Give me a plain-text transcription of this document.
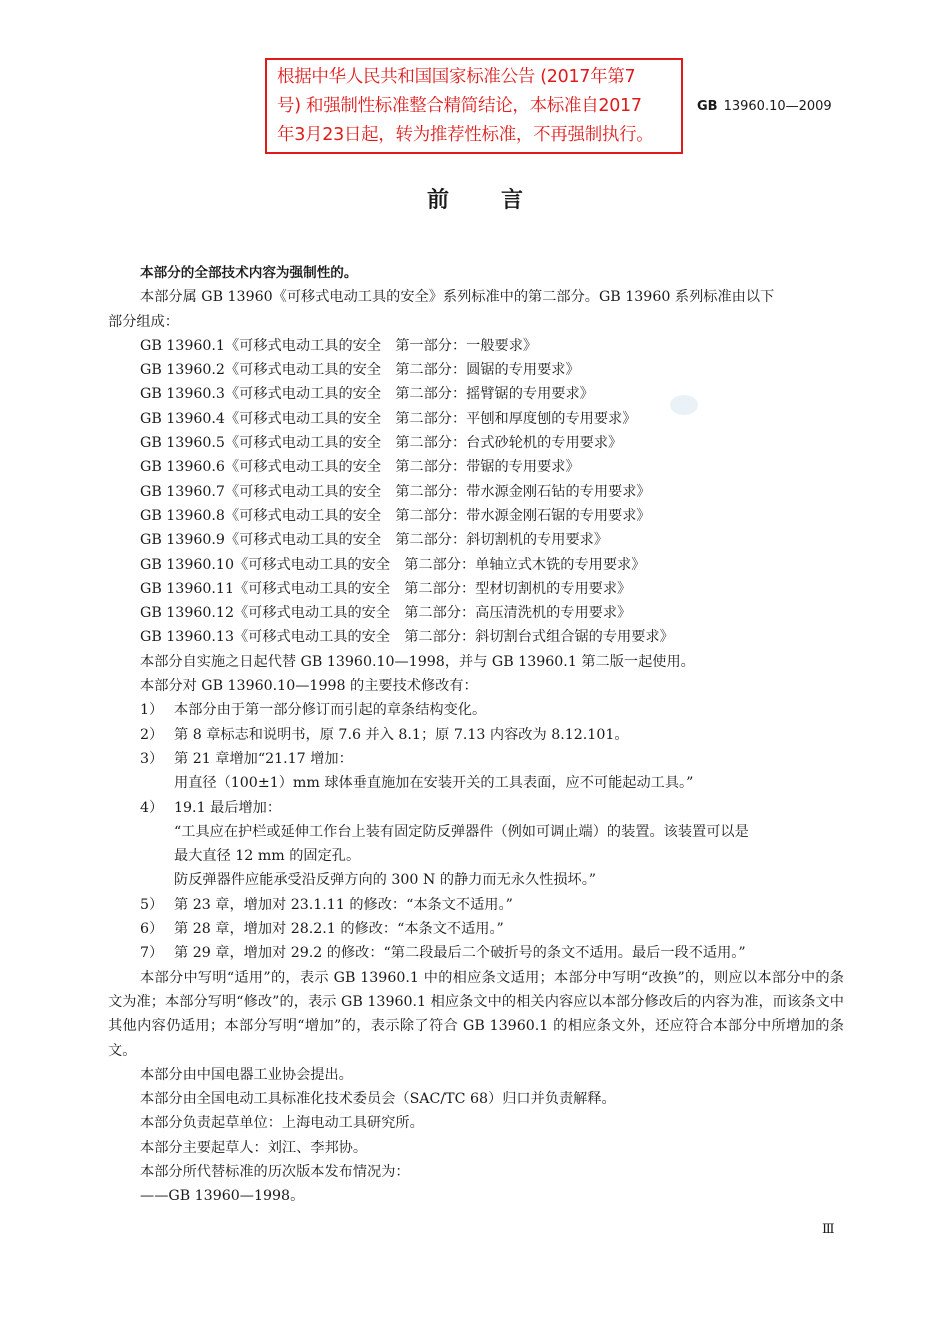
根据中华人民共和国国家标准公告 (2017年第7
号) 和强制性标准整合精简结论，本标准自2017
年3月23日起，转为推荐性标准，不再强制执行。
GB 13960.10—2009
前言
本部分的全部技术内容为强制性的。
本部分属 GB 13960《可移式电动工具的安全》系列标准中的第二部分。GB 13960 系列标准由以下
部分组成：
GB 13960.1《可移式电动工具的安全　第一部分：一般要求》
GB 13960.2《可移式电动工具的安全　第二部分：圆锯的专用要求》
GB 13960.3《可移式电动工具的安全　第二部分：摇臂锯的专用要求》
GB 13960.4《可移式电动工具的安全　第二部分：平刨和厚度刨的专用要求》
GB 13960.5《可移式电动工具的安全　第二部分：台式砂轮机的专用要求》
GB 13960.6《可移式电动工具的安全　第二部分：带锯的专用要求》
GB 13960.7《可移式电动工具的安全　第二部分：带水源金刚石钻的专用要求》
GB 13960.8《可移式电动工具的安全　第二部分：带水源金刚石锯的专用要求》
GB 13960.9《可移式电动工具的安全　第二部分：斜切割机的专用要求》
GB 13960.10《可移式电动工具的安全　第二部分：单轴立式木铣的专用要求》
GB 13960.11《可移式电动工具的安全　第二部分：型材切割机的专用要求》
GB 13960.12《可移式电动工具的安全　第二部分：高压清洗机的专用要求》
GB 13960.13《可移式电动工具的安全　第二部分：斜切割台式组合锯的专用要求》
本部分自实施之日起代替 GB 13960.10—1998，并与 GB 13960.1 第二版一起使用。
本部分对 GB 13960.10—1998 的主要技术修改有：
1） 本部分由于第一部分修订而引起的章条结构变化。
2） 第 8 章标志和说明书，原 7.6 并入 8.1；原 7.13 内容改为 8.12.101。
3） 第 21 章增加“21.17 增加：
用直径（100±1）mm 球体垂直施加在安装开关的工具表面，应不可能起动工具。”
4） 19.1 最后增加：
“工具应在护栏或延伸工作台上装有固定防反弹器件（例如可调止端）的装置。该装置可以是
最大直径 12 mm 的固定孔。
防反弹器件应能承受沿反弹方向的 300 N 的静力而无永久性损坏。”
5） 第 23 章，增加对 23.1.11 的修改：“本条文不适用。”
6） 第 28 章，增加对 28.2.1 的修改：“本条文不适用。”
7） 第 29 章，增加对 29.2 的修改：“第二段最后二个破折号的条文不适用。最后一段不适用。”
本部分中写明“适用”的，表示 GB 13960.1 中的相应条文适用；本部分中写明“改换”的，则应以本部分中的条文为准；本部分写明“修改”的，表示 GB 13960.1 相应条文中的相关内容应以本部分修改后的内容为准，而该条文中其他内容仍适用；本部分写明“增加”的，表示除了符合 GB 13960.1 的相应条文外，还应符合本部分中所增加的条文。
本部分由中国电器工业协会提出。
本部分由全国电动工具标准化技术委员会（SAC/TC 68）归口并负责解释。
本部分负责起草单位：上海电动工具研究所。
本部分主要起草人：刘江、李邦协。
本部分所代替标准的历次版本发布情况为：
——GB 13960—1998。
Ⅲ
